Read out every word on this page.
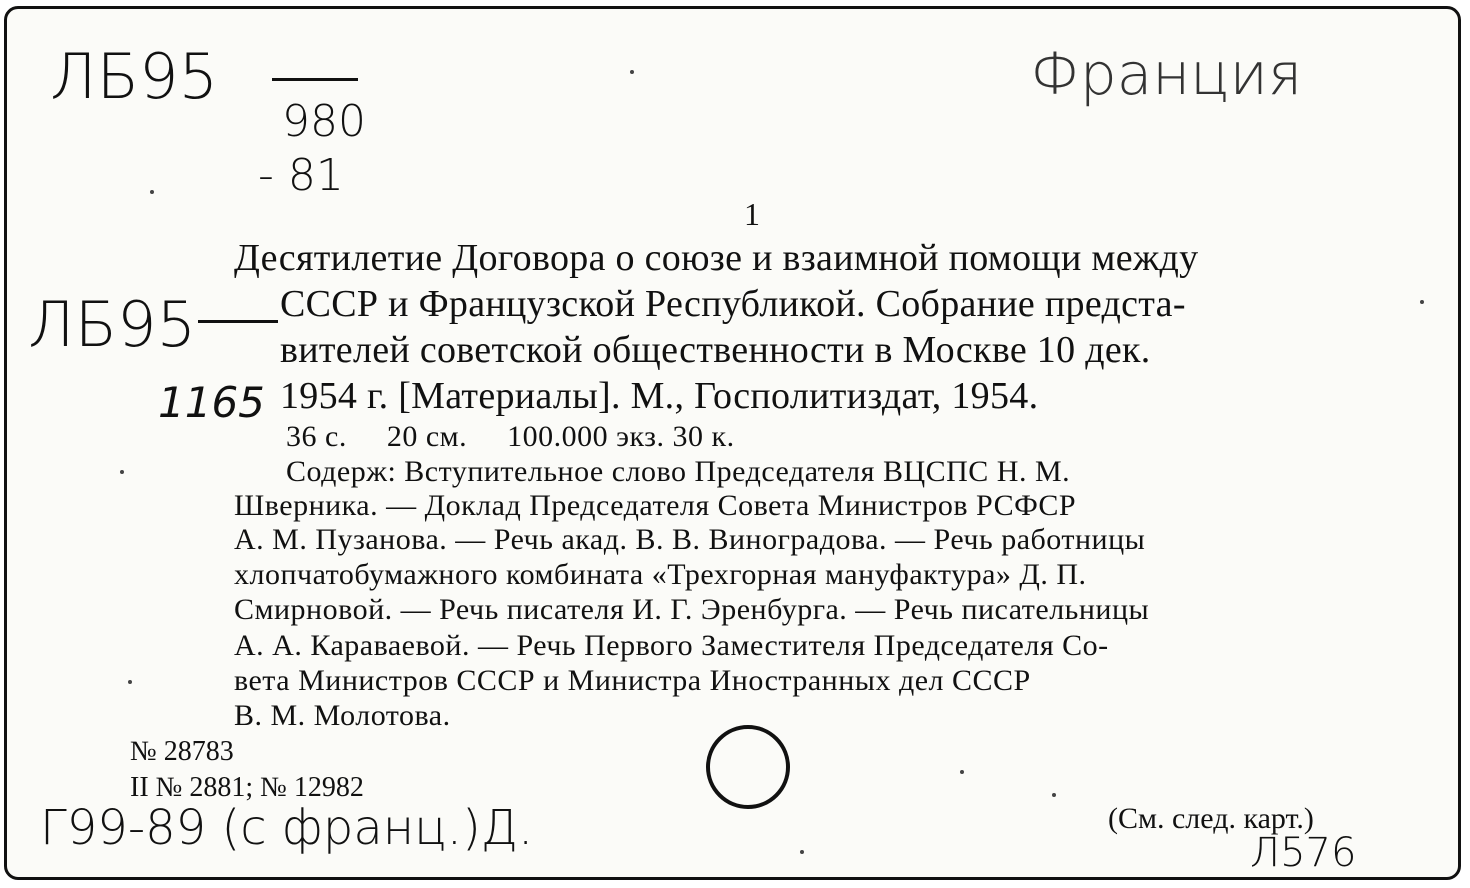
ЛБ95
980
- 81
Франция
ЛБ95
1165
1
Десятилетие Договора о союзе и взаимной помощи между
СССР и Французской Республикой. Собрание предста-
вителей советской общественности в Москве 10 дек.
1954 г. [Материалы]. М., Госполитиздат, 1954.
36 с.     20 см.     100.000 экз. 30 к.
Содерж: Вступительное слово Председателя ВЦСПС Н. М.
Шверника. — Доклад Председателя Совета Министров РСФСР
А. М. Пузанова. — Речь акад. В. В. Виноградова. — Речь работницы
хлопчатобумажного комбината «Трехгорная мануфактура» Д. П.
Смирновой. — Речь писателя И. Г. Эренбурга. — Речь писательницы
А. А. Караваевой. — Речь Первого Заместителя Председателя Со-
вета Министров СССР и Министра Иностранных дел СССР
В. М. Молотова.
№ 28783
II № 2881; № 12982
Г99-89 (с франц.)Д.	(См. след. карт.)
Л576
